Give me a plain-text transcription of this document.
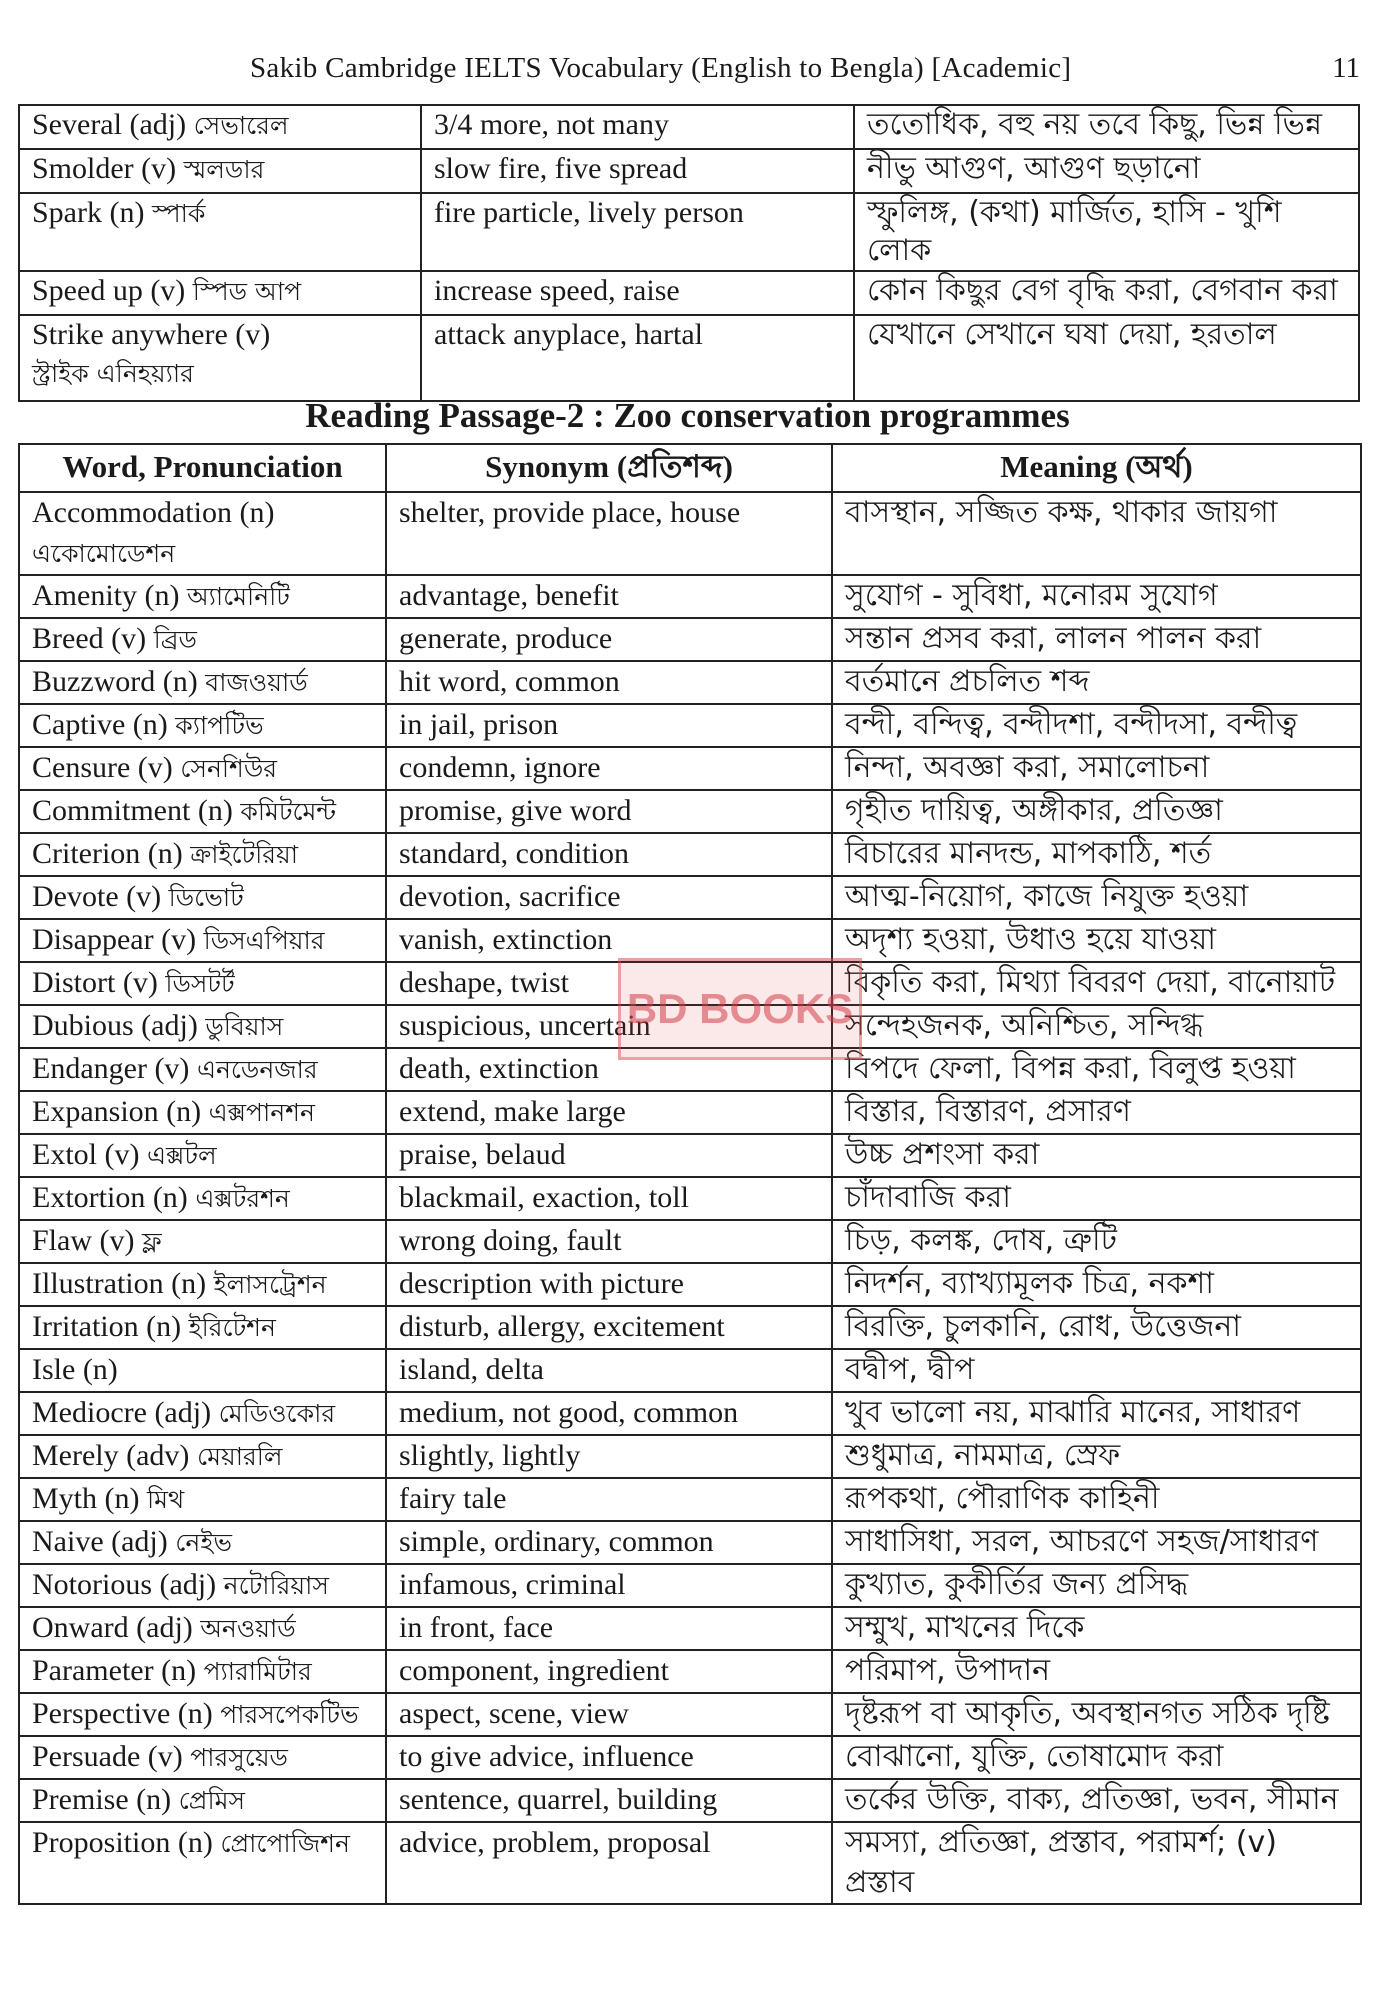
Sakib Cambridge IELTS Vocabulary (English to Bengla) [Academic]	11
Several (adj) সেভারেল	3/4 more, not many	ততোধিক, বহু নয় তবে কিছু, ভিন্ন ভিন্ন
Smolder (v) স্মলডার	slow fire, five spread	নীভু আগুণ, আগুণ ছড়ানো
Spark (n) স্পার্ক	fire particle, lively person	স্ফুলিঙ্গ, (কথা) মার্জিত, হাসি - খুশি লোক
Speed up (v) স্পিড আপ	increase speed, raise	কোন কিছুর বেগ বৃদ্ধি করা, বেগবান করা
Strike anywhere (v)
স্ট্রাইক এনিহয়্যার	attack anyplace, hartal	যেখানে সেখানে ঘষা দেয়া, হরতাল
Reading Passage-2 : Zoo conservation programmes
Word, Pronunciation	Synonym (প্রতিশব্দ)	Meaning (অর্থ)
Accommodation (n)
একোমোডেশন	shelter, provide place, house	বাসস্থান, সজ্জিত কক্ষ, থাকার জায়গা
Amenity (n) অ্যামেনিটি	advantage, benefit	সুযোগ - সুবিধা, মনোরম সুযোগ
Breed (v) ব্রিড	generate, produce	সন্তান প্রসব করা, লালন পালন করা
Buzzword (n) বাজওয়ার্ড	hit word, common	বর্তমানে প্রচলিত শব্দ
Captive (n) ক্যাপটিভ	in jail, prison	বন্দী, বন্দিত্ব, বন্দীদশা, বন্দীদসা, বন্দীত্ব
Censure (v) সেনশিউর	condemn, ignore	নিন্দা, অবজ্ঞা করা, সমালোচনা
Commitment (n) কমিটমেন্ট	promise, give word	গৃহীত দায়িত্ব, অঙ্গীকার, প্রতিজ্ঞা
Criterion (n) ক্রাইটেরিয়া	standard, condition	বিচারের মানদন্ড, মাপকাঠি, শর্ত
Devote (v) ডিভোট	devotion, sacrifice	আত্ম-নিয়োগ, কাজে নিযুক্ত হওয়া
Disappear (v) ডিসএপিয়ার	vanish, extinction	অদৃশ্য হওয়া, উধাও হয়ে যাওয়া
Distort (v) ডিসটর্ট	deshape, twist	বিকৃতি করা, মিথ্যা বিবরণ দেয়া, বানোয়াট
Dubious (adj) ডুবিয়াস	suspicious, uncertain	সন্দেহজনক, অনিশ্চিত, সন্দিগ্ধ
Endanger (v) এনডেনজার	death, extinction	বিপদে ফেলা, বিপন্ন করা, বিলুপ্ত হওয়া
Expansion (n) এক্সপানশন	extend, make large	বিস্তার, বিস্তারণ, প্রসারণ
Extol (v) এক্সটল	praise, belaud	উচ্চ প্রশংসা করা
Extortion (n) এক্সটরশন	blackmail, exaction, toll	চাঁদাবাজি করা
Flaw (v) ফ্ল	wrong doing, fault	চিড়, কলঙ্ক, দোষ, ত্রুটি
Illustration (n) ইলাসট্রেশন	description with picture	নিদর্শন, ব্যাখ্যামূলক চিত্র, নকশা
Irritation (n) ইরিটেশন	disturb, allergy, excitement	বিরক্তি, চুলকানি, রোধ, উত্তেজনা
Isle (n)	island, delta	বদ্বীপ, দ্বীপ
Mediocre (adj) মেডিওকোর	medium, not good, common	খুব ভালো নয়, মাঝারি মানের, সাধারণ
Merely (adv) মেয়ারলি	slightly, lightly	শুধুমাত্র, নামমাত্র, স্রেফ
Myth (n) মিথ	fairy tale	রূপকথা, পৌরাণিক কাহিনী
Naive (adj) নেইভ	simple, ordinary, common	সাধাসিধা, সরল, আচরণে সহজ/সাধারণ
Notorious (adj) নটোরিয়াস	infamous, criminal	কুখ্যাত, কুকীর্তির জন্য প্রসিদ্ধ
Onward (adj) অনওয়ার্ড	in front, face	সম্মুখ, মাখনের দিকে
Parameter (n) প্যারামিটার	component, ingredient	পরিমাপ, উপাদান
Perspective (n) পারসপেকটিভ	aspect, scene, view	দৃষ্টরূপ বা আকৃতি, অবস্থানগত সঠিক দৃষ্টি
Persuade (v) পারসুয়েড	to give advice, influence	বোঝানো, যুক্তি, তোষামোদ করা
Premise (n) প্রেমিস	sentence, quarrel, building	তর্কের উক্তি, বাক্য, প্রতিজ্ঞা, ভবন, সীমান
Proposition (n) প্রোপোজিশন	advice, problem, proposal	সমস্যা, প্রতিজ্ঞা, প্রস্তাব, পরামর্শ; (v) প্রস্তাব
BD BOOKS
